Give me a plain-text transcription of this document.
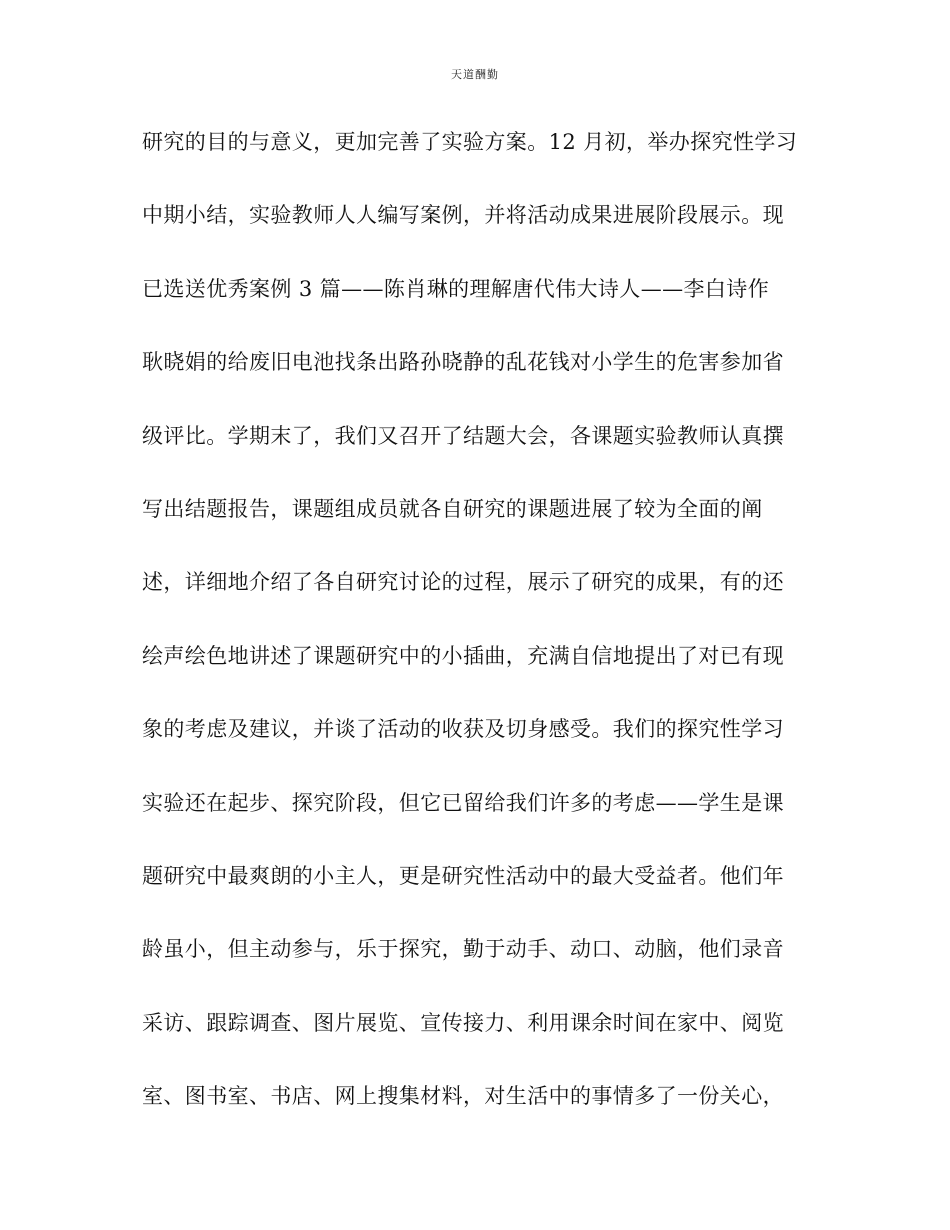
天道酬勤
研究的目的与意义，更加完善了实验方案。12 月初，举办探究性学习
中期小结，实验教师人人编写案例，并将活动成果进展阶段展示。现
已选送优秀案例 3 篇——陈肖琳的理解唐代伟大诗人——李白诗作
耿晓娟的给废旧电池找条出路孙晓静的乱花钱对小学生的危害参加省
级评比。学期末了，我们又召开了结题大会，各课题实验教师认真撰
写出结题报告，课题组成员就各自研究的课题进展了较为全面的阐
述，详细地介绍了各自研究讨论的过程，展示了研究的成果，有的还
绘声绘色地讲述了课题研究中的小插曲，充满自信地提出了对已有现
象的考虑及建议，并谈了活动的收获及切身感受。我们的探究性学习
实验还在起步、探究阶段，但它已留给我们许多的考虑——学生是课
题研究中最爽朗的小主人，更是研究性活动中的最大受益者。他们年
龄虽小，但主动参与，乐于探究，勤于动手、动口、动脑，他们录音
采访、跟踪调查、图片展览、宣传接力、利用课余时间在家中、阅览
室、图书室、书店、网上搜集材料，对生活中的事情多了一份关心，
